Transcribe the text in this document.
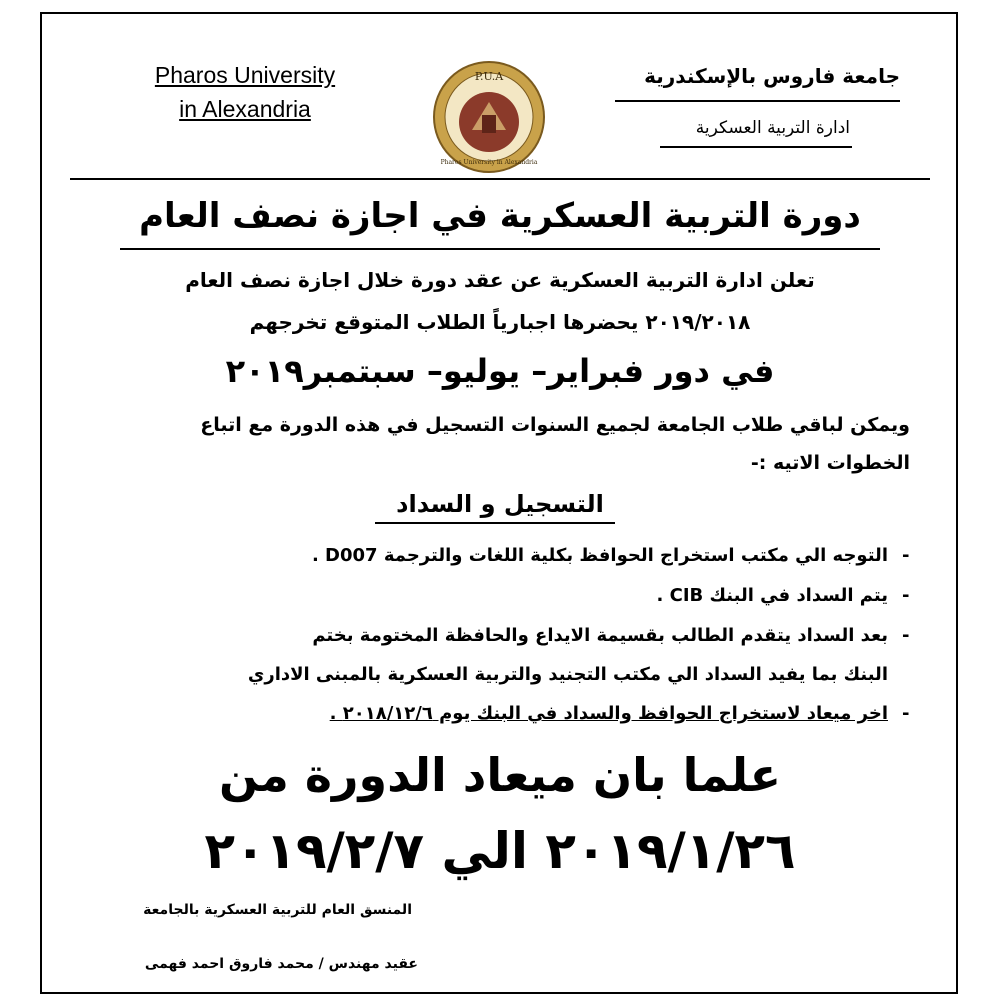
Pharos University
in Alexandria
P.U.A
Pharos University in Alexandria
جامعة فاروس بالإسكندرية
ادارة التربية العسكرية
دورة التربية العسكرية في اجازة نصف العام
تعلن ادارة التربية العسكرية عن عقد دورة خلال اجازة نصف العام
٢٠١٩/٢٠١٨ يحضرها اجبارياً الطلاب المتوقع تخرجهم
في دور فبراير– يوليو– سبتمبر٢٠١٩
ويمكن لباقي طلاب الجامعة لجميع السنوات التسجيل في هذه الدورة مع اتباع
الخطوات الاتيه :-
التسجيل و السداد
-
التوجه الي مكتب استخراج الحوافظ بكلية اللغات والترجمة D007 .
-
يتم السداد في البنك CIB .
-
بعد السداد يتقدم الطالب بقسيمة الايداع والحافظة المختومة بختم
البنك بما يفيد السداد الي مكتب التجنيد والتربية العسكرية بالمبنى الاداري
-
اخر ميعاد لاستخراج الحوافظ والسداد في البنك يوم ٢٠١٨/١٢/٦ .
علما بان ميعاد الدورة من
٢٠١٩/١/٢٦ الي ٢٠١٩/٢/٧
المنسق العام للتربية العسكرية بالجامعة
عقيد مهندس / محمد فاروق احمد فهمى
